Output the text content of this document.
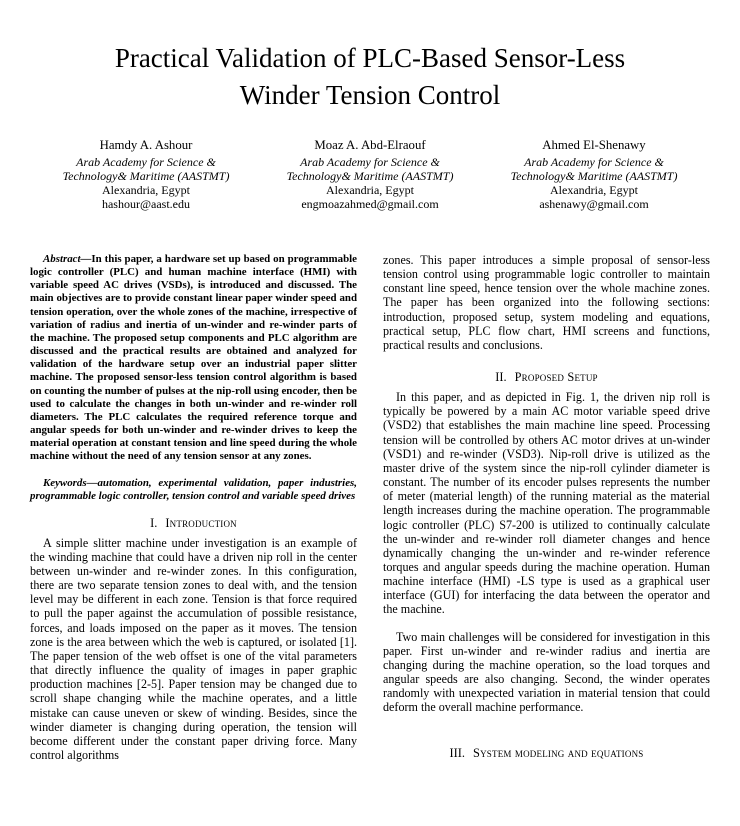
Practical Validation of PLC-Based Sensor-Less
Winder Tension Control
Hamdy A. Ashour
Arab Academy for Science &
Technology& Maritime (AASTMT)
Alexandria, Egypt
hashour@aast.edu
Moaz A. Abd-Elraouf
Arab Academy for Science &
Technology& Maritime (AASTMT)
Alexandria, Egypt
engmoazahmed@gmail.com
Ahmed El-Shenawy
Arab Academy for Science &
Technology& Maritime (AASTMT)
Alexandria, Egypt
ashenawy@gmail.com

Abstract—In this paper, a hardware set up based on programmable logic controller (PLC) and human machine interface (HMI) with variable speed AC drives (VSDs), is introduced and discussed. The main objectives are to provide constant linear paper winder speed and tension operation, over the whole zones of the machine, irrespective of variation of radius and inertia of un-winder and re-winder parts of the machine. The proposed setup components and PLC algorithm are discussed and the practical results are obtained and analyzed for validation of the hardware setup over an industrial paper slitter machine. The proposed sensor-less tension control algorithm is based on counting the number of pulses at the nip-roll using encoder, then be used to calculate the changes in both un-winder and re-winder roll diameters. The PLC calculates the required reference torque and angular speeds for both un-winder and re-winder drives to keep the material operation at constant tension and line speed during the whole machine without the need of any tension sensor at any zones.

Keywords—automation, experimental validation, paper industries, programmable logic controller, tension control and variable speed drives

I. Introduction

A simple slitter machine under investigation is an example of the winding machine that could have a driven nip roll in the center between un-winder and re-winder zones. In this configuration, there are two separate tension zones to deal with, and the tension level may be different in each zone. Tension is that force required to pull the paper against the accumulation of possible resistance, forces, and loads imposed on the paper as it moves. The tension zone is the area between which the web is captured, or isolated [1]. The paper tension of the web offset is one of the vital parameters that directly influence the quality of images in paper graphic production machines [2-5]. Paper tension may be changed due to scroll shape changing while the machine operates, and a little mistake can cause uneven or skew of winding. Besides, since the winder diameter is changing during operation, the tension will become different under the constant paper driving force. Many control algorithms

zones. This paper introduces a simple proposal of sensor-less tension control using programmable logic controller to maintain constant line speed, hence tension over the whole machine zones. The paper has been organized into the following sections: introduction, proposed setup, system modeling and equations, practical setup, PLC flow chart, HMI screens and functions, practical results and conclusions.

II. Proposed Setup

In this paper, and as depicted in Fig. 1, the driven nip roll is typically be powered by a main AC motor variable speed drive (VSD2) that establishes the main machine line speed. Processing tension will be controlled by others AC motor drives at un-winder (VSD1) and re-winder (VSD3). Nip-roll drive is utilized as the master drive of the system since the nip-roll cylinder diameter is constant. The number of its encoder pulses represents the number of meter (material length) of the running material as the material length increases during the machine operation. The programmable logic controller (PLC) S7-200 is utilized to continually calculate the un-winder and re-winder roll diameter changes and hence dynamically changing the un-winder and re-winder reference torques and angular speeds during the machine operation. Human machine interface (HMI) -LS type is used as a graphical user interface (GUI) for interfacing the data between the operator and the machine.

Two main challenges will be considered for investigation in this paper. First un-winder and re-winder radius and inertia are changing during the machine operation, so the load torques and angular speeds are also changing. Second, the winder operates randomly with unexpected variation in material tension that could deform the overall machine performance.

III. System modeling and equations
